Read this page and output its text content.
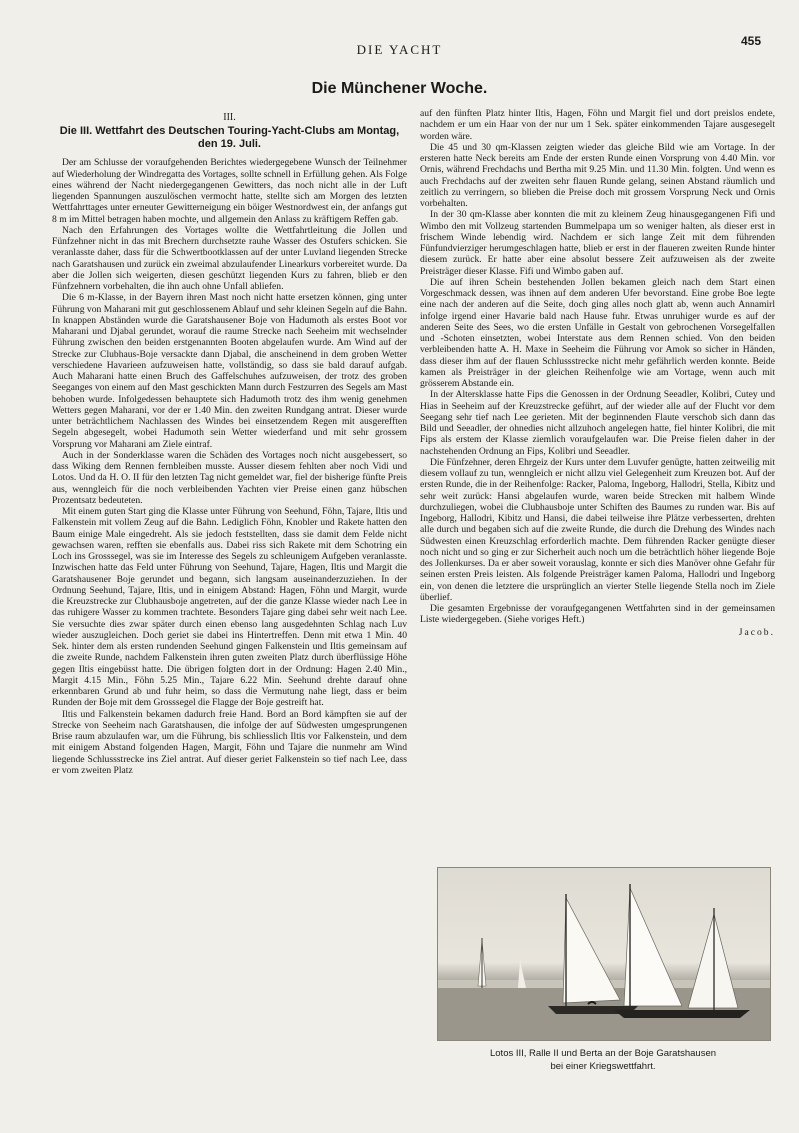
DIE YACHT
455
Die Münchener Woche.
III.
Die III. Wettfahrt des Deutschen Touring-Yacht-Clubs am Montag, den 19. Juli.

Der am Schlusse der voraufgehenden Berichtes wiedergegebene Wunsch der Teilnehmer auf Wiederholung der Windregatta des Vortages, sollte schnell in Erfüllung gehen. Als Folge eines während der Nacht niedergegangenen Gewitters, das noch nicht alle in der Luft liegenden Spannungen auszulöschen vermocht hatte, stellte sich am Morgen des letzten Wettfahrttages unter erneuter Gewitterneigung ein böiger Westnordwest ein, der anfangs gut 8 m im Mittel betragen haben mochte, und allgemein den Anlass zu kräftigem Reffen gab.

Nach den Erfahrungen des Vortages wollte die Wettfahrtleitung die Jollen und Fünfzehner nicht in das mit Brechern durchsetzte rauhe Wasser des Ostufers schicken. Sie veranlasste daher, dass für die Schwertbootklassen auf der unter Luvland liegenden Strecke nach Garatshausen und zurück ein zweimal abzulaufender Linearkurs vorbereitet wurde. Da aber die Jollen sich weigerten, diesen geschützt liegenden Kurs zu fahren, blieb er den Fünfzehnern vorbehalten, die ihn auch ohne Unfall abliefen.

Die 6 m-Klasse, in der Bayern ihren Mast noch nicht hatte ersetzen können, ging unter Führung von Maharani mit gut geschlossenem Ablauf und sehr kleinen Segeln auf die Bahn. In knappen Abständen wurde die Garatshausener Boje von Hadumoth als erstes Boot vor Maharani und Djabal gerundet, worauf die raume Strecke nach Seeheim mit wechselnder Führung zwischen den beiden erstgenannten Booten abgelaufen wurde. Am Wind auf der Strecke zur Clubhaus-Boje versackte dann Djabal, die anscheinend in dem groben Wetter verschiedene Havarieen aufzuweisen hatte, vollständig, so dass sie bald darauf aufgab. Auch Maharani hatte einen Bruch des Gaffelschuhes aufzuweisen, der trotz des groben Seeganges von einem auf den Mast geschickten Mann durch Festzurren des Segels am Mast behoben wurde. Infolgedessen behauptete sich Hadumoth trotz des ihm wenig genehmen Wetters gegen Maharani, vor der er 1.40 Min. den zweiten Rundgang antrat. Dieser wurde unter beträchtlichem Nachlassen des Windes bei einsetzendem Regen mit ausgerefften Segeln abgesegelt, wobei Hadumoth sein Wetter wiederfand und mit sehr grossem Vorsprung vor Maharani am Ziele eintraf.

Auch in der Sonderklasse waren die Schäden des Vortages noch nicht ausgebessert, so dass Wiking dem Rennen fernbleiben musste. Ausser diesem fehlten aber noch Vidi und Lotos. Und da H. O. II für den letzten Tag nicht gemeldet war, fiel der bisherige fünfte Preis aus, wenngleich für die noch verbleibenden Yachten vier Preise einen ganz hübschen Prozentsatz bedeuteten.

Mit einem guten Start ging die Klasse unter Führung von Seehund, Föhn, Tajare, Iltis und Falkenstein mit vollem Zeug auf die Bahn. Lediglich Föhn, Knobler und Rakete hatten den Baum einige Male eingedreht. Als sie jedoch feststellten, dass sie damit dem Felde nicht gewachsen waren, refften sie ebenfalls aus. Dabei riss sich Rakete mit dem Schotring ein Loch ins Grosssegel, was sie im Interesse des Segels zu schleunigem Aufgeben veranlasste. Inzwischen hatte das Feld unter Führung von Seehund, Tajare, Hagen, Iltis und Margit die Garatshausener Boje gerundet und begann, sich langsam auseinanderzuziehen. In der Ordnung Seehund, Tajare, Iltis, und in einigem Abstand: Hagen, Föhn und Margit, wurde die Kreuzstrecke zur Clubhausboje angetreten, auf der die ganze Klasse wieder nach Lee in das ruhigere Wasser zu kommen trachtete. Besonders Tajare ging dabei sehr weit nach Lee. Sie versuchte dies zwar später durch einen ebenso lang ausgedehnten Schlag nach Luv wieder auszugleichen. Doch geriet sie dabei ins Hintertreffen. Denn mit etwa 1 Min. 40 Sek. hinter dem als ersten rundenden Seehund gingen Falkenstein und Iltis gemeinsam auf die zweite Runde, nachdem Falkenstein ihren guten zweiten Platz durch überflüssige Höhe gegen Iltis eingebüsst hatte. Die übrigen folgten dort in der Ordnung: Hagen 2.40 Min., Margit 4.15 Min., Föhn 5.25 Min., Tajare 6.22 Min. Seehund drehte darauf ohne erkennbaren Grund ab und fuhr heim, so dass die Vermutung nahe liegt, dass er beim Runden der Boje mit dem Grosssegel die Flagge der Boje gestreift hat.

Iltis und Falkenstein bekamen dadurch freie Hand. Bord an Bord kämpften sie auf der Strecke von Seeheim nach Garatshausen, die infolge der auf Südwesten umgesprungenen Brise raum abzulaufen war, um die Führung, bis schliesslich Iltis vor Falkenstein, und dem mit einigem Abstand folgenden Hagen, Margit, Föhn und Tajare die nunmehr am Wind liegende Schlussstrecke ins Ziel antrat. Auf dieser geriet Falkenstein so tief nach Lee, dass er vom zweiten Platz

auf den fünften Platz hinter Iltis, Hagen, Föhn und Margit fiel und dort preislos endete, nachdem er um ein Haar von der nur um 1 Sek. später einkommenden Tajare ausgesegelt worden wäre.

Die 45 und 30 qm-Klassen zeigten wieder das gleiche Bild wie am Vortage. In der ersteren hatte Neck bereits am Ende der ersten Runde einen Vorsprung von 4.40 Min. vor Ornis, während Frechdachs und Bertha mit 9.25 Min. und 11.30 Min. folgten. Und wenn es auch Frechdachs auf der zweiten sehr flauen Runde gelang, seinen Abstand räumlich und zeitlich zu verringern, so blieben die Preise doch mit grossem Vorsprung Neck und Ornis vorbehalten.

In der 30 qm-Klasse aber konnten die mit zu kleinem Zeug hinausgegangenen Fifi und Wimbo den mit Vollzeug startenden Bummelpapa um so weniger halten, als dieser erst in frischem Winde lebendig wird. Nachdem er sich lange Zeit mit dem führenden Fünfundvierziger herumgeschlagen hatte, blieb er erst in der flaueren zweiten Runde hinter diesem zurück. Er hatte aber eine absolut bessere Zeit aufzuweisen als der zweite Preisträger dieser Klasse. Fifi und Wimbo gaben auf.

Die auf ihren Schein bestehenden Jollen bekamen gleich nach dem Start einen Vorgeschmack dessen, was ihnen auf dem anderen Ufer bevorstand. Eine grobe Boe legte eine nach der anderen auf die Seite, doch ging alles noch glatt ab, wenn auch Annamirl infolge irgend einer Havarie bald nach Hause fuhr. Etwas unruhiger wurde es auf der anderen Seite des Sees, wo die ersten Unfälle in Gestalt von gebrochenen Vorsegelfallen und -Schoten einsetzten, wobei Interstate aus dem Rennen schied. Von den beiden verbleibenden hatte A. H. Maxe in Seeheim die Führung vor Amok so sicher in Händen, dass dieser ihm auf der flauen Schlussstrecke nicht mehr gefährlich werden konnte. Beide kamen als Preisträger in der gleichen Reihenfolge wie am Vortage, wenn auch mit grösserem Abstande ein.

In der Altersklasse hatte Fips die Genossen in der Ordnung Seeadler, Kolibri, Cutey und Hias in Seeheim auf der Kreuzstrecke geführt, auf der wieder alle auf der Flucht vor dem Seegang sehr tief nach Lee gerieten. Mit der beginnenden Flaute verschob sich dann das Bild und Seeadler, der ohnedies nicht allzuhoch angelegen hatte, fiel hinter Kolibri, die mit Fips als erstem der Klasse ziemlich voraufgelaufen war. Die Preise fielen daher in der nachstehenden Ordnung an Fips, Kolibri und Seeadler.

Die Fünfzehner, deren Ehrgeiz der Kurs unter dem Luvufer genügte, hatten zeitweilig mit diesem vollauf zu tun, wenngleich er nicht allzu viel Gelegenheit zum Kreuzen bot. Auf der ersten Runde, die in der Reihenfolge: Racker, Paloma, Ingeborg, Hallodri, Stella, Kibitz und sehr weit zurück: Hansi abgelaufen wurde, waren beide Strecken mit halbem Winde durchzuliegen, wobei die Clubhausboje unter Schiften des Baumes zu runden war. Bis auf Ingeborg, Hallodri, Kibitz und Hansi, die dabei teilweise ihre Plätze verbesserten, drehten alle durch und begaben sich auf die zweite Runde, die durch die Drehung des Windes nach Südwesten einen Kreuzschlag erforderlich machte. Dem führenden Racker genügte dieser noch nicht und so ging er zur Sicherheit auch noch um die beträchtlich höher liegende Boje des Jollenkurses. Da er aber soweit vorauslag, konnte er sich dies Manöver ohne Gefahr für seinen ersten Preis leisten. Als folgende Preisträger kamen Paloma, Hallodri und Ingeborg ein, von denen die letztere die ursprünglich an vierter Stelle liegende Stella noch im Ziele überlief.

Die gesamten Ergebnisse der voraufgegangenen Wettfahrten sind in der gemeinsamen Liste wiedergegeben. (Siehe voriges Heft.)

Jacob.
Lotos III, Ralle II und Berta an der Boje Garatshausen
bei einer Kriegswettfahrt.
